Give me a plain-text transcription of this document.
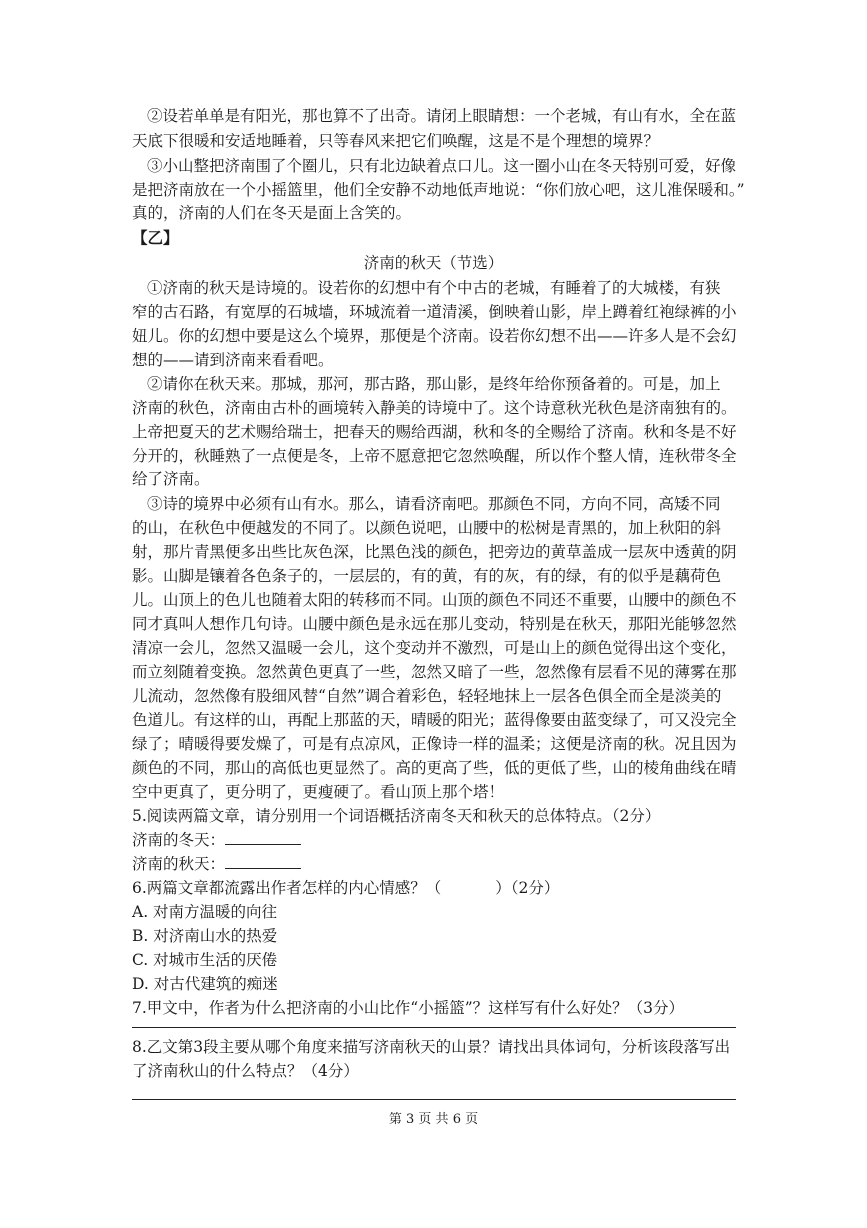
②设若单单是有阳光，那也算不了出奇。请闭上眼睛想：一个老城，有山有水，全在蓝
天底下很暖和安适地睡着，只等春风来把它们唤醒，这是不是个理想的境界？
③小山整把济南围了个圈儿，只有北边缺着点口儿。这一圈小山在冬天特别可爱，好像
是把济南放在一个小摇篮里，他们全安静不动地低声地说：“你们放心吧，这儿准保暖和。”
真的，济南的人们在冬天是面上含笑的。
【乙】
济南的秋天（节选）
①济南的秋天是诗境的。设若你的幻想中有个中古的老城，有睡着了的大城楼，有狭
窄的古石路，有宽厚的石城墙，环城流着一道清溪，倒映着山影，岸上蹲着红袍绿裤的小
妞儿。你的幻想中要是这么个境界，那便是个济南。设若你幻想不出——许多人是不会幻
想的——请到济南来看看吧。
②请你在秋天来。那城，那河，那古路，那山影，是终年给你预备着的。可是，加上
济南的秋色，济南由古朴的画境转入静美的诗境中了。这个诗意秋光秋色是济南独有的。
上帝把夏天的艺术赐给瑞士，把春天的赐给西湖，秋和冬的全赐给了济南。秋和冬是不好
分开的，秋睡熟了一点便是冬，上帝不愿意把它忽然唤醒，所以作个整人情，连秋带冬全
给了济南。
③诗的境界中必须有山有水。那么，请看济南吧。那颜色不同，方向不同，高矮不同
的山，在秋色中便越发的不同了。以颜色说吧，山腰中的松树是青黑的，加上秋阳的斜
射，那片青黑便多出些比灰色深，比黑色浅的颜色，把旁边的黄草盖成一层灰中透黄的阴
影。山脚是镶着各色条子的，一层层的，有的黄，有的灰，有的绿，有的似乎是藕荷色
儿。山顶上的色儿也随着太阳的转移而不同。山顶的颜色不同还不重要，山腰中的颜色不
同才真叫人想作几句诗。山腰中颜色是永远在那儿变动，特别是在秋天，那阳光能够忽然
清凉一会儿，忽然又温暖一会儿，这个变动并不激烈，可是山上的颜色觉得出这个变化，
而立刻随着变换。忽然黄色更真了一些，忽然又暗了一些，忽然像有层看不见的薄雾在那
儿流动，忽然像有股细风替“自然”调合着彩色，轻轻地抹上一层各色俱全而全是淡美的
色道儿。有这样的山，再配上那蓝的天，晴暖的阳光；蓝得像要由蓝变绿了，可又没完全
绿了；晴暖得要发燥了，可是有点凉风，正像诗一样的温柔；这便是济南的秋。况且因为
颜色的不同，那山的高低也更显然了。高的更高了些，低的更低了些，山的棱角曲线在晴
空中更真了，更分明了，更瘦硬了。看山顶上那个塔！
5.阅读两篇文章，请分别用一个词语概括济南冬天和秋天的总体特点。（2分）
济南的冬天：
济南的秋天：
6.两篇文章都流露出作者怎样的内心情感？（	）（2分）
A. 对南方温暖的向往
B. 对济南山水的热爱
C. 对城市生活的厌倦
D. 对古代建筑的痴迷
7.甲文中，作者为什么把济南的小山比作“小摇篮”？这样写有什么好处？（3分）
8.乙文第3段主要从哪个角度来描写济南秋天的山景？请找出具体词句，分析该段落写出
了济南秋山的什么特点？（4分）
第 3 页 共 6 页
